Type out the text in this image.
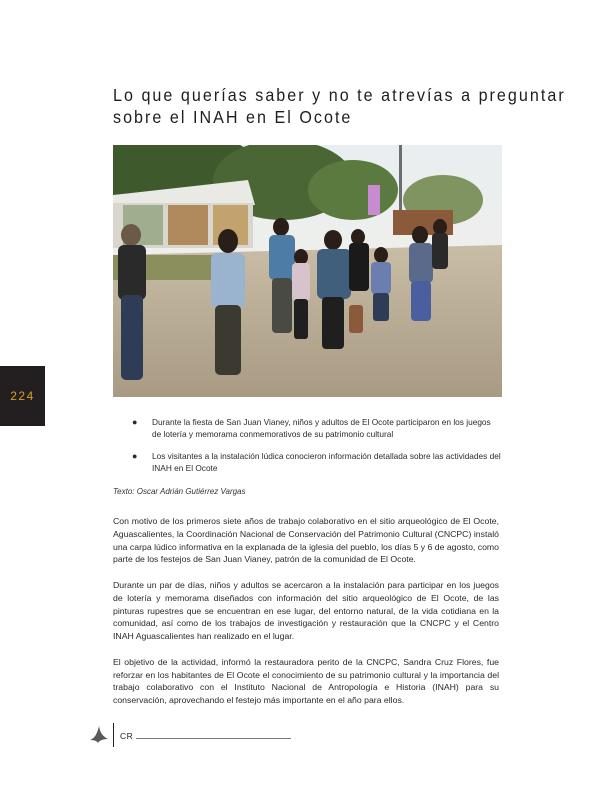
Lo que querías saber y no te atrevías a preguntar
sobre el INAH en El Ocote
224
● Durante la fiesta de San Juan Vianey, niños y adultos de El Ocote participaron en los juegos de lotería y memorama conmemorativos de su patrimonio cultural
● Los visitantes a la instalación lúdica conocieron información detallada sobre las actividades del INAH en El Ocote
Texto: Oscar Adrián Gutiérrez Vargas

Con motivo de los primeros siete años de trabajo colaborativo en el sitio arqueológico de El Ocote, Aguascalientes, la Coordinación Nacional de Conservación del Patrimonio Cultural (CNCPC) instaló una carpa lúdico informativa en la explanada de la iglesia del pueblo, los días 5 y 6 de agosto, como parte de los festejos de San Juan Vianey, patrón de la comunidad de El Ocote.

Durante un par de días, niños y adultos se acercaron a la instalación para participar en los juegos de lotería y memorama diseñados con información del sitio arqueológico de El Ocote, de las pinturas rupestres que se encuentran en ese lugar, del entorno natural, de la vida cotidiana en la comunidad, así como de los trabajos de investigación y restauración que la CNCPC y el Centro INAH Aguascalientes han realizado en el lugar.

El objetivo de la actividad, informó la restauradora perito de la CNCPC, Sandra Cruz Flores, fue reforzar en los habitantes de El Ocote el conocimiento de su patrimonio cultural y la importancia del trabajo colaborativo con el Instituto Nacional de Antropología e Historia (INAH) para su conservación, aprovechando el festejo más importante en el año para ellos.

CR
